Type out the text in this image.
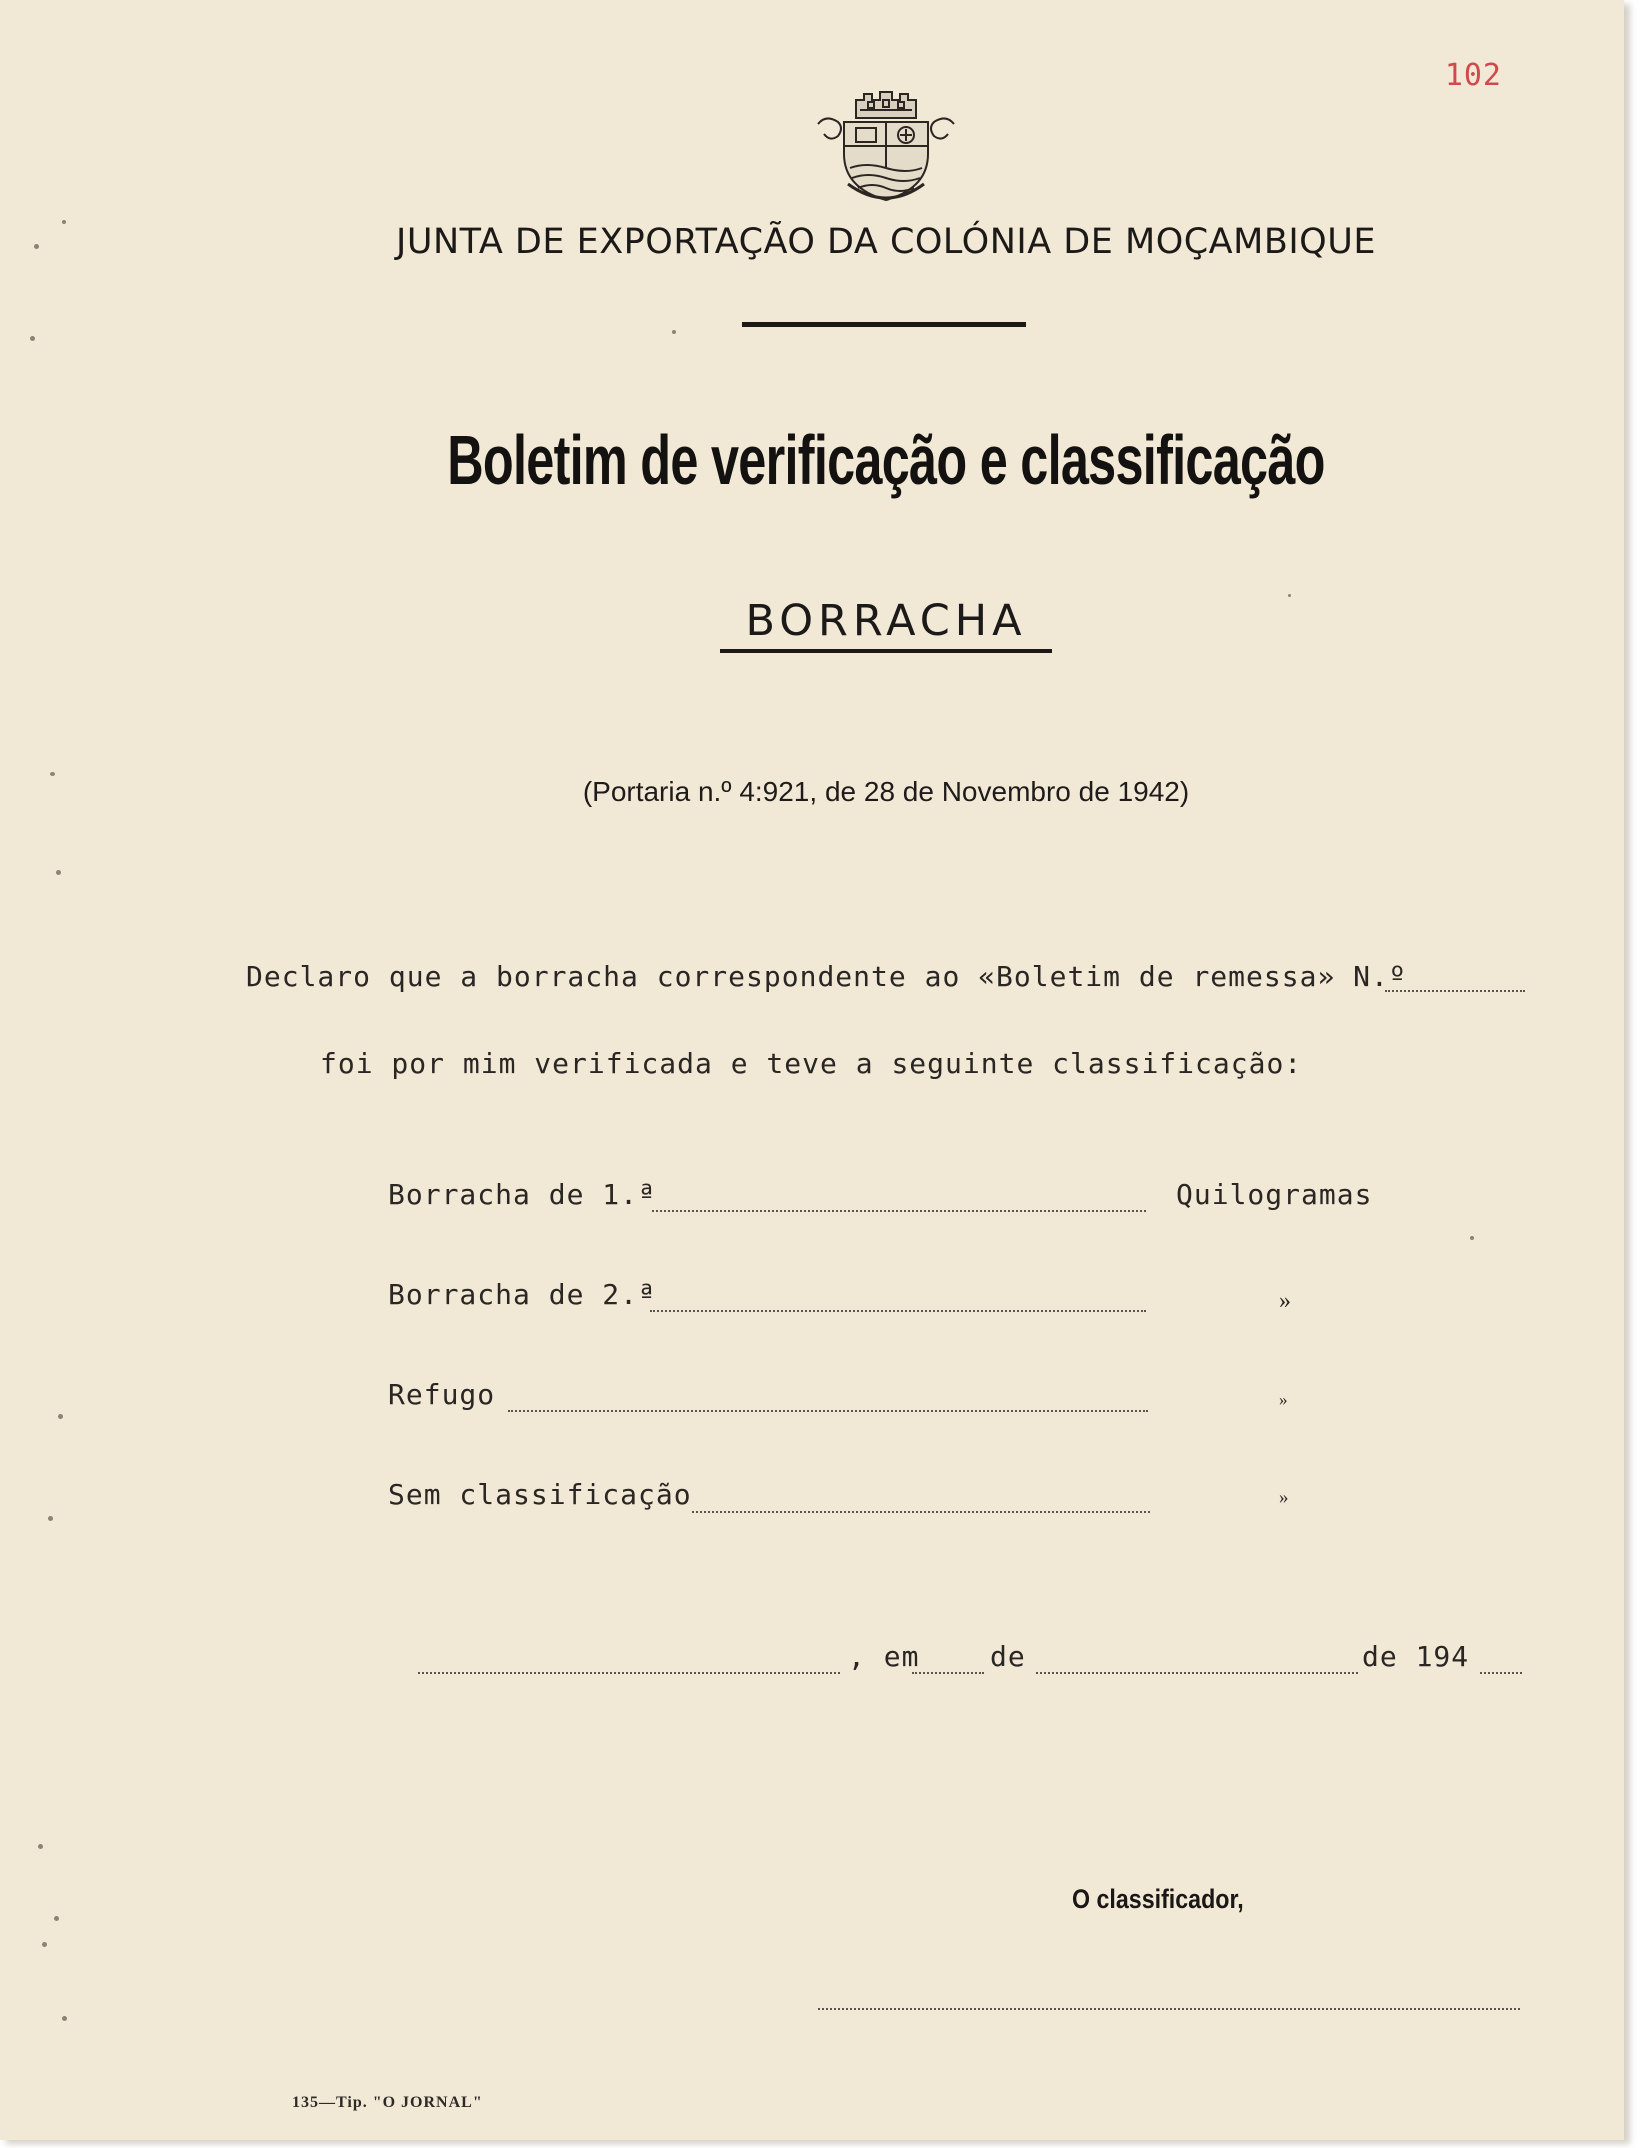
102
JUNTA DE EXPORTAÇÃO DA COLÓNIA DE MOÇAMBIQUE
Boletim de verificação e classificação
BORRACHA
(Portaria n.º 4:921, de 28 de Novembro de 1942)
Declaro que a borracha correspondente ao «Boletim de remessa» N.º
foi por mim verificada e teve a seguinte classificação:
Borracha de 1.ª	Quilogramas
Borracha de 2.ª	»
Refugo	»
Sem classificação	»
, em	de	de 194
O classificador,
135—Tip. "O JORNAL"
